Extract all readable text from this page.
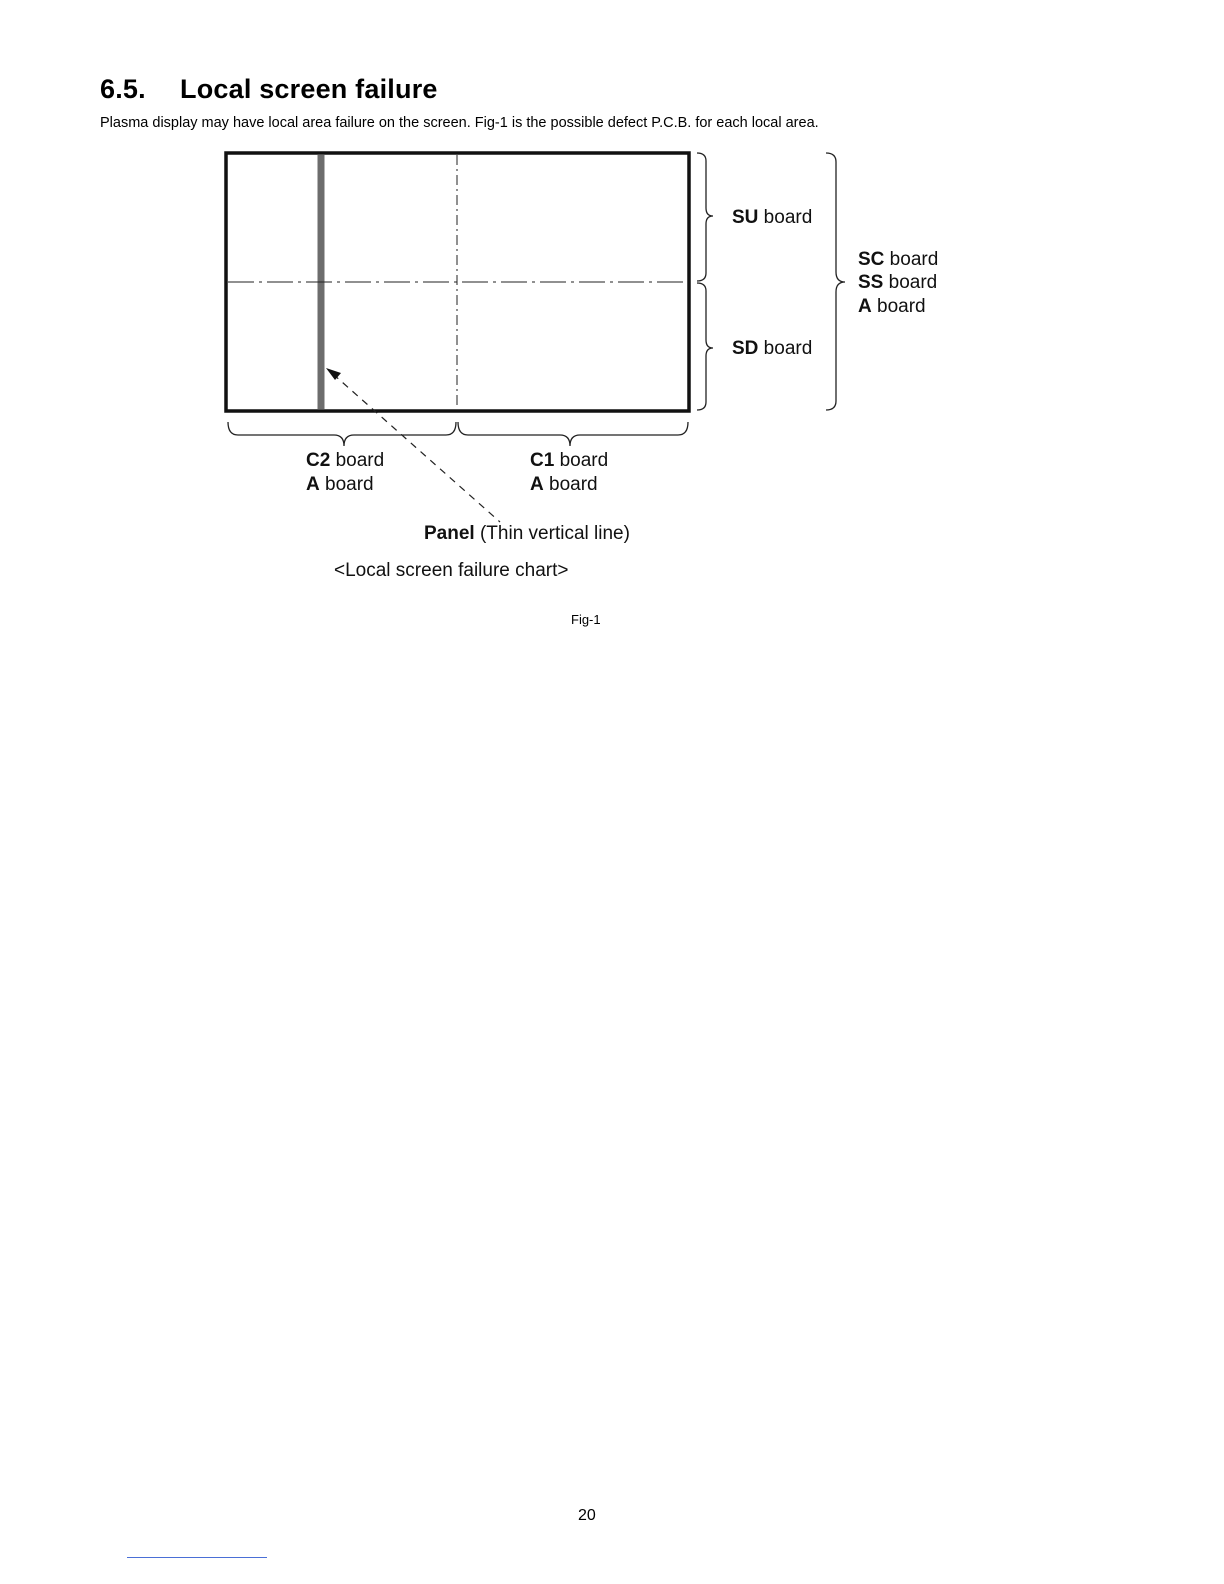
6.5. Local screen failure

Plasma display may have local area failure on the screen. Fig-1 is the possible defect P.C.B. for each local area.

SU board
SD board
SC board
SS board
A board
C2 board
A board
C1 board
A board
Panel (Thin vertical line)
<Local screen failure chart>
Fig-1
20
